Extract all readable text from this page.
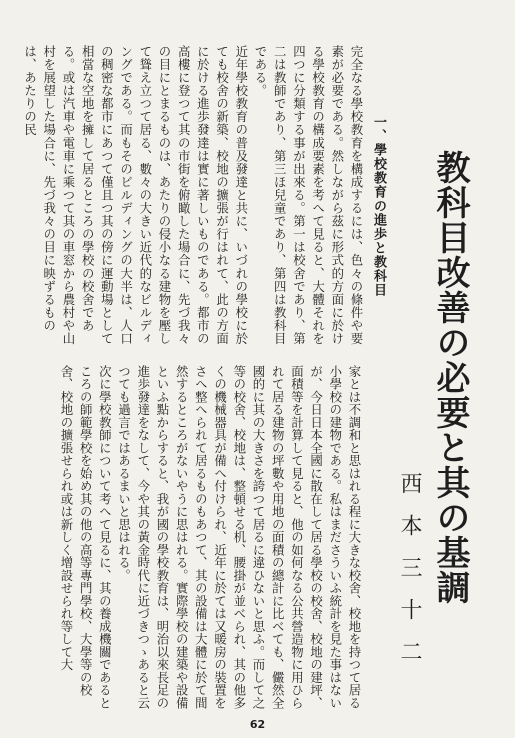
教科目改善の必要と其の基調
西本三十二
一、學校教育の進歩と教科目

完全なる學校教育を構成するには、色々の條件や要素が必要である。然しながら茲に形式的方面に於ける學校教育の構成要素を考へて見ると、大體それを四つに分類する事が出來る。第一は校舍であり、第二は教師であり、第三ほ兒童であり、第四は教科目である。

近年學校教育の普及發達と共に、いづれの學校に於ても校舍の新築、校地の擴張が行はれて、此の方面に於ける進歩發達は實に著しいものである。都市の高樓に登つて其の市街を俯瞰した場合に、先づ我々の目にとまるものは、あたりの侵小なる建物を壓して聳え立つて居る、數々の大きい近代的なビルディングである。而もそのビルディングの大半は、人口の稠密な都市にあつて僅且つ其の傍に運動場として相當な空地を擁して居るところの學校の校舍である。或は汽車や電車に乘つて其の車窓から農村や山村を展望した場合に、先づ我々の目に映ずるものは、あたりの民

家とは不調和と思はれる程に大きな校舍、校地を持つて居る小學校の建物である。私はまださういふ統計を見た事はないが、今日日本全國に散在して居る學校の校舍、校地の建坪、面積等を計算して見ると、他の如何なる公共營造物に用ひられて居る建物の坪數や用地の面積の總計に比べても、儼然全國的に其の大きさを誇つて居るに違ひないと思ふ。而して之等の校舍、校地は、整頓せる机、腰掛が並べられ、其の他多くの機械器具が備へ付けられ、近年に於ては又暖房の裝置をさへ整へられて居るものもあつて、其の設備は大體に於て間然するところがないやうに思はれる。實際學校の建築や設備といふ點からすると、我が國の學校教育は、明治以來長足の進歩發達をなして、今や其の黃金時代に近づきつゝあると云つても過言ではあるまいと思はれる。

次に學校教師について考へて見るに、其の養成機關であるところの師範學校を始め其の他の高等專門學校、大學等の校舍、校地の擴張せられ或は新しく增設せられ等して大

62
